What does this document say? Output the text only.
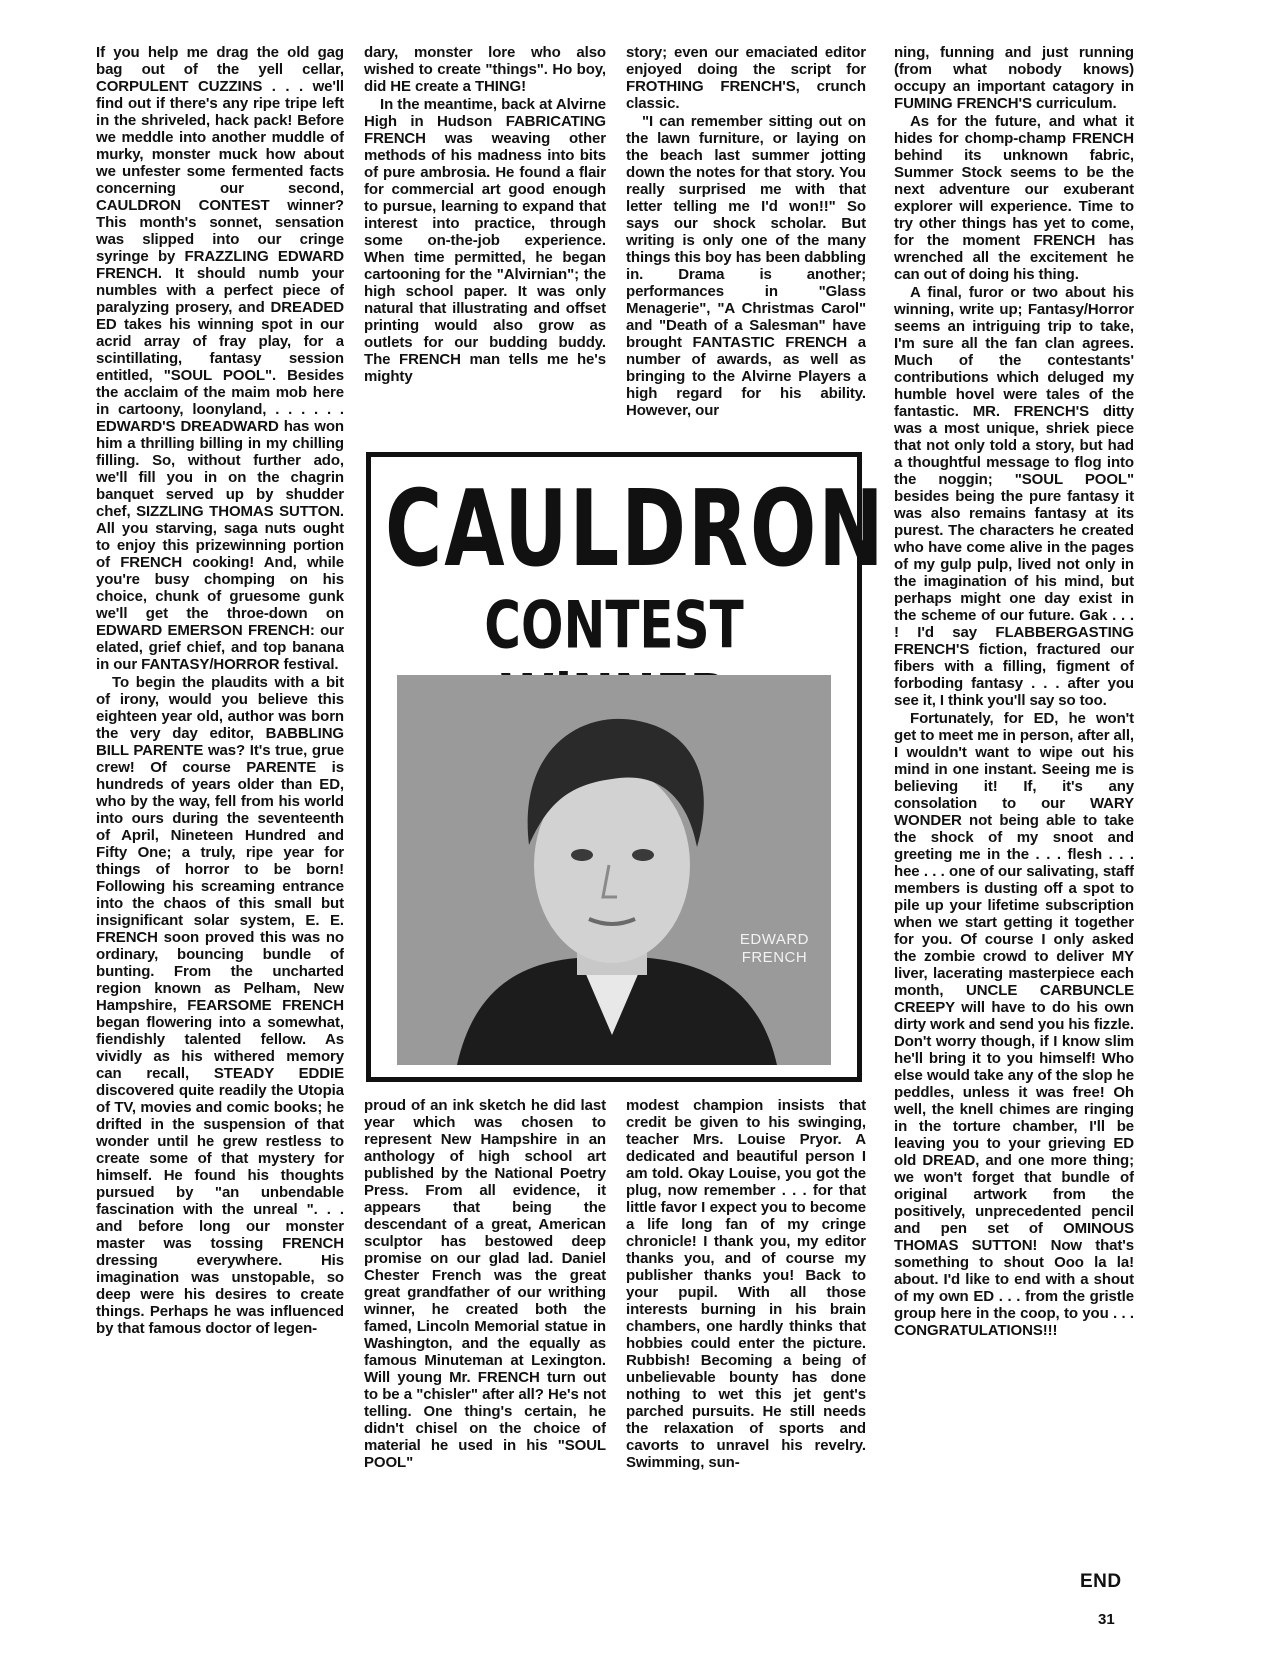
If you help me drag the old gag bag out of the yell cellar, CORPULENT CUZZINS . . . we'll find out if there's any ripe tripe left in the shriveled, hack pack! Before we meddle into another muddle of murky, monster muck how about we unfester some fermented facts concerning our second, CAULDRON CONTEST winner? This month's sonnet, sensation was slipped into our cringe syringe by FRAZZLING EDWARD FRENCH. It should numb your numbles with a perfect piece of paralyzing prosery, and DREADED ED takes his winning spot in our acrid array of fray play, for a scintillating, fantasy session entitled, "SOUL POOL". Besides the acclaim of the maim mob here in cartoony, loonyland, . . . . . . EDWARD'S DREADWARD has won him a thrilling billing in my chilling filling. So, without further ado, we'll fill you in on the chagrin banquet served up by shudder chef, SIZZLING THOMAS SUTTON. All you starving, saga nuts ought to enjoy this prizewinning portion of FRENCH cooking! And, while you're busy chomping on his choice, chunk of gruesome gunk we'll get the throe-down on EDWARD EMERSON FRENCH: our elated, grief chief, and top banana in our FANTASY/HORROR festival.

To begin the plaudits with a bit of irony, would you believe this eighteen year old, author was born the very day editor, BABBLING BILL PARENTE was? It's true, grue crew! Of course PARENTE is hundreds of years older than ED, who by the way, fell from his world into ours during the seventeenth of April, Nineteen Hundred and Fifty One; a truly, ripe year for things of horror to be born! Following his screaming entrance into the chaos of this small but insignificant solar system, E. E. FRENCH soon proved this was no ordinary, bouncing bundle of bunting. From the uncharted region known as Pelham, New Hampshire, FEARSOME FRENCH began flowering into a somewhat, fiendishly talented fellow. As vividly as his withered memory can recall, STEADY EDDIE discovered quite readily the Utopia of TV, movies and comic books; he drifted in the suspension of that wonder until he grew restless to create some of that mystery for himself. He found his thoughts pursued by "an unbendable fascination with the unreal ". . . and before long our monster master was tossing FRENCH dressing everywhere. His imagination was unstopable, so deep were his desires to create things. Perhaps he was influenced by that famous doctor of legen-

dary, monster lore who also wished to create "things". Ho boy, did HE create a THING!

In the meantime, back at Alvirne High in Hudson FABRICATING FRENCH was weaving other methods of his madness into bits of pure ambrosia. He found a flair for commercial art good enough to pursue, learning to expand that interest into practice, through some on-the-job experience. When time permitted, he began cartooning for the "Alvirnian"; the high school paper. It was only natural that illustrating and offset printing would also grow as outlets for our budding buddy. The FRENCH man tells me he's mighty

story; even our emaciated editor enjoyed doing the script for FROTHING FRENCH'S, crunch classic.

"I can remember sitting out on the lawn furniture, or laying on the beach last summer jotting down the notes for that story. You really surprised me with that letter telling me I'd won!!" So says our shock scholar. But writing is only one of the many things this boy has been dabbling in. Drama is another; performances in "Glass Menagerie", "A Christmas Carol" and "Death of a Salesman" have brought FANTASTIC FRENCH a number of awards, as well as bringing to the Alvirne Players a high regard for his ability. However, our

CAULDRON
CONTEST
EDWARD
FRENCH

proud of an ink sketch he did last year which was chosen to represent New Hampshire in an anthology of high school art published by the National Poetry Press. From all evidence, it appears that being the descendant of a great, American sculptor has bestowed deep promise on our glad lad. Daniel Chester French was the great great grandfather of our writhing winner, he created both the famed, Lincoln Memorial statue in Washington, and the equally as famous Minuteman at Lexington. Will young Mr. FRENCH turn out to be a "chisler" after all? He's not telling. One thing's certain, he didn't chisel on the choice of material he used in his "SOUL POOL"

modest champion insists that credit be given to his swinging, teacher Mrs. Louise Pryor. A dedicated and beautiful person I am told. Okay Louise, you got the plug, now remember . . . for that little favor I expect you to become a life long fan of my cringe chronicle! I thank you, my editor thanks you, and of course my publisher thanks you! Back to your pupil. With all those interests burning in his brain chambers, one hardly thinks that hobbies could enter the picture. Rubbish! Becoming a being of unbelievable bounty has done nothing to wet this jet gent's parched pursuits. He still needs the relaxation of sports and cavorts to unravel his revelry. Swimming, sun-

ning, funning and just running (from what nobody knows) occupy an important catagory in FUMING FRENCH'S curriculum.

As for the future, and what it hides for chomp-champ FRENCH behind its unknown fabric, Summer Stock seems to be the next adventure our exuberant explorer will experience. Time to try other things has yet to come, for the moment FRENCH has wrenched all the excitement he can out of doing his thing.

A final, furor or two about his winning, write up; Fantasy/Horror seems an intriguing trip to take, I'm sure all the fan clan agrees. Much of the contestants' contributions which deluged my humble hovel were tales of the fantastic. MR. FRENCH'S ditty was a most unique, shriek piece that not only told a story, but had a thoughtful message to flog into the noggin; "SOUL POOL" besides being the pure fantasy it was also remains fantasy at its purest. The characters he created who have come alive in the pages of my gulp pulp, lived not only in the imagination of his mind, but perhaps might one day exist in the scheme of our future. Gak . . . ! I'd say FLABBERGASTING FRENCH'S fiction, fractured our fibers with a filling, figment of forboding fantasy . . . after you see it, I think you'll say so too.

Fortunately, for ED, he won't get to meet me in person, after all, I wouldn't want to wipe out his mind in one instant. Seeing me is believing it! If, it's any consolation to our WARY WONDER not being able to take the shock of my snoot and greeting me in the . . . flesh . . . hee . . . one of our salivating, staff members is dusting off a spot to pile up your lifetime subscription when we start getting it together for you. Of course I only asked the zombie crowd to deliver MY liver, lacerating masterpiece each month, UNCLE CARBUNCLE CREEPY will have to do his own dirty work and send you his fizzle. Don't worry though, if I know slim he'll bring it to you himself! Who else would take any of the slop he peddles, unless it was free! Oh well, the knell chimes are ringing in the torture chamber, I'll be leaving you to your grieving ED old DREAD, and one more thing; we won't forget that bundle of original artwork from the positively, unprecedented pencil and pen set of OMINOUS THOMAS SUTTON! Now that's something to shout Ooo la la! about. I'd like to end with a shout of my own ED . . . from the gristle group here in the coop, to you . . . CONGRATULATIONS!!!

END
31
